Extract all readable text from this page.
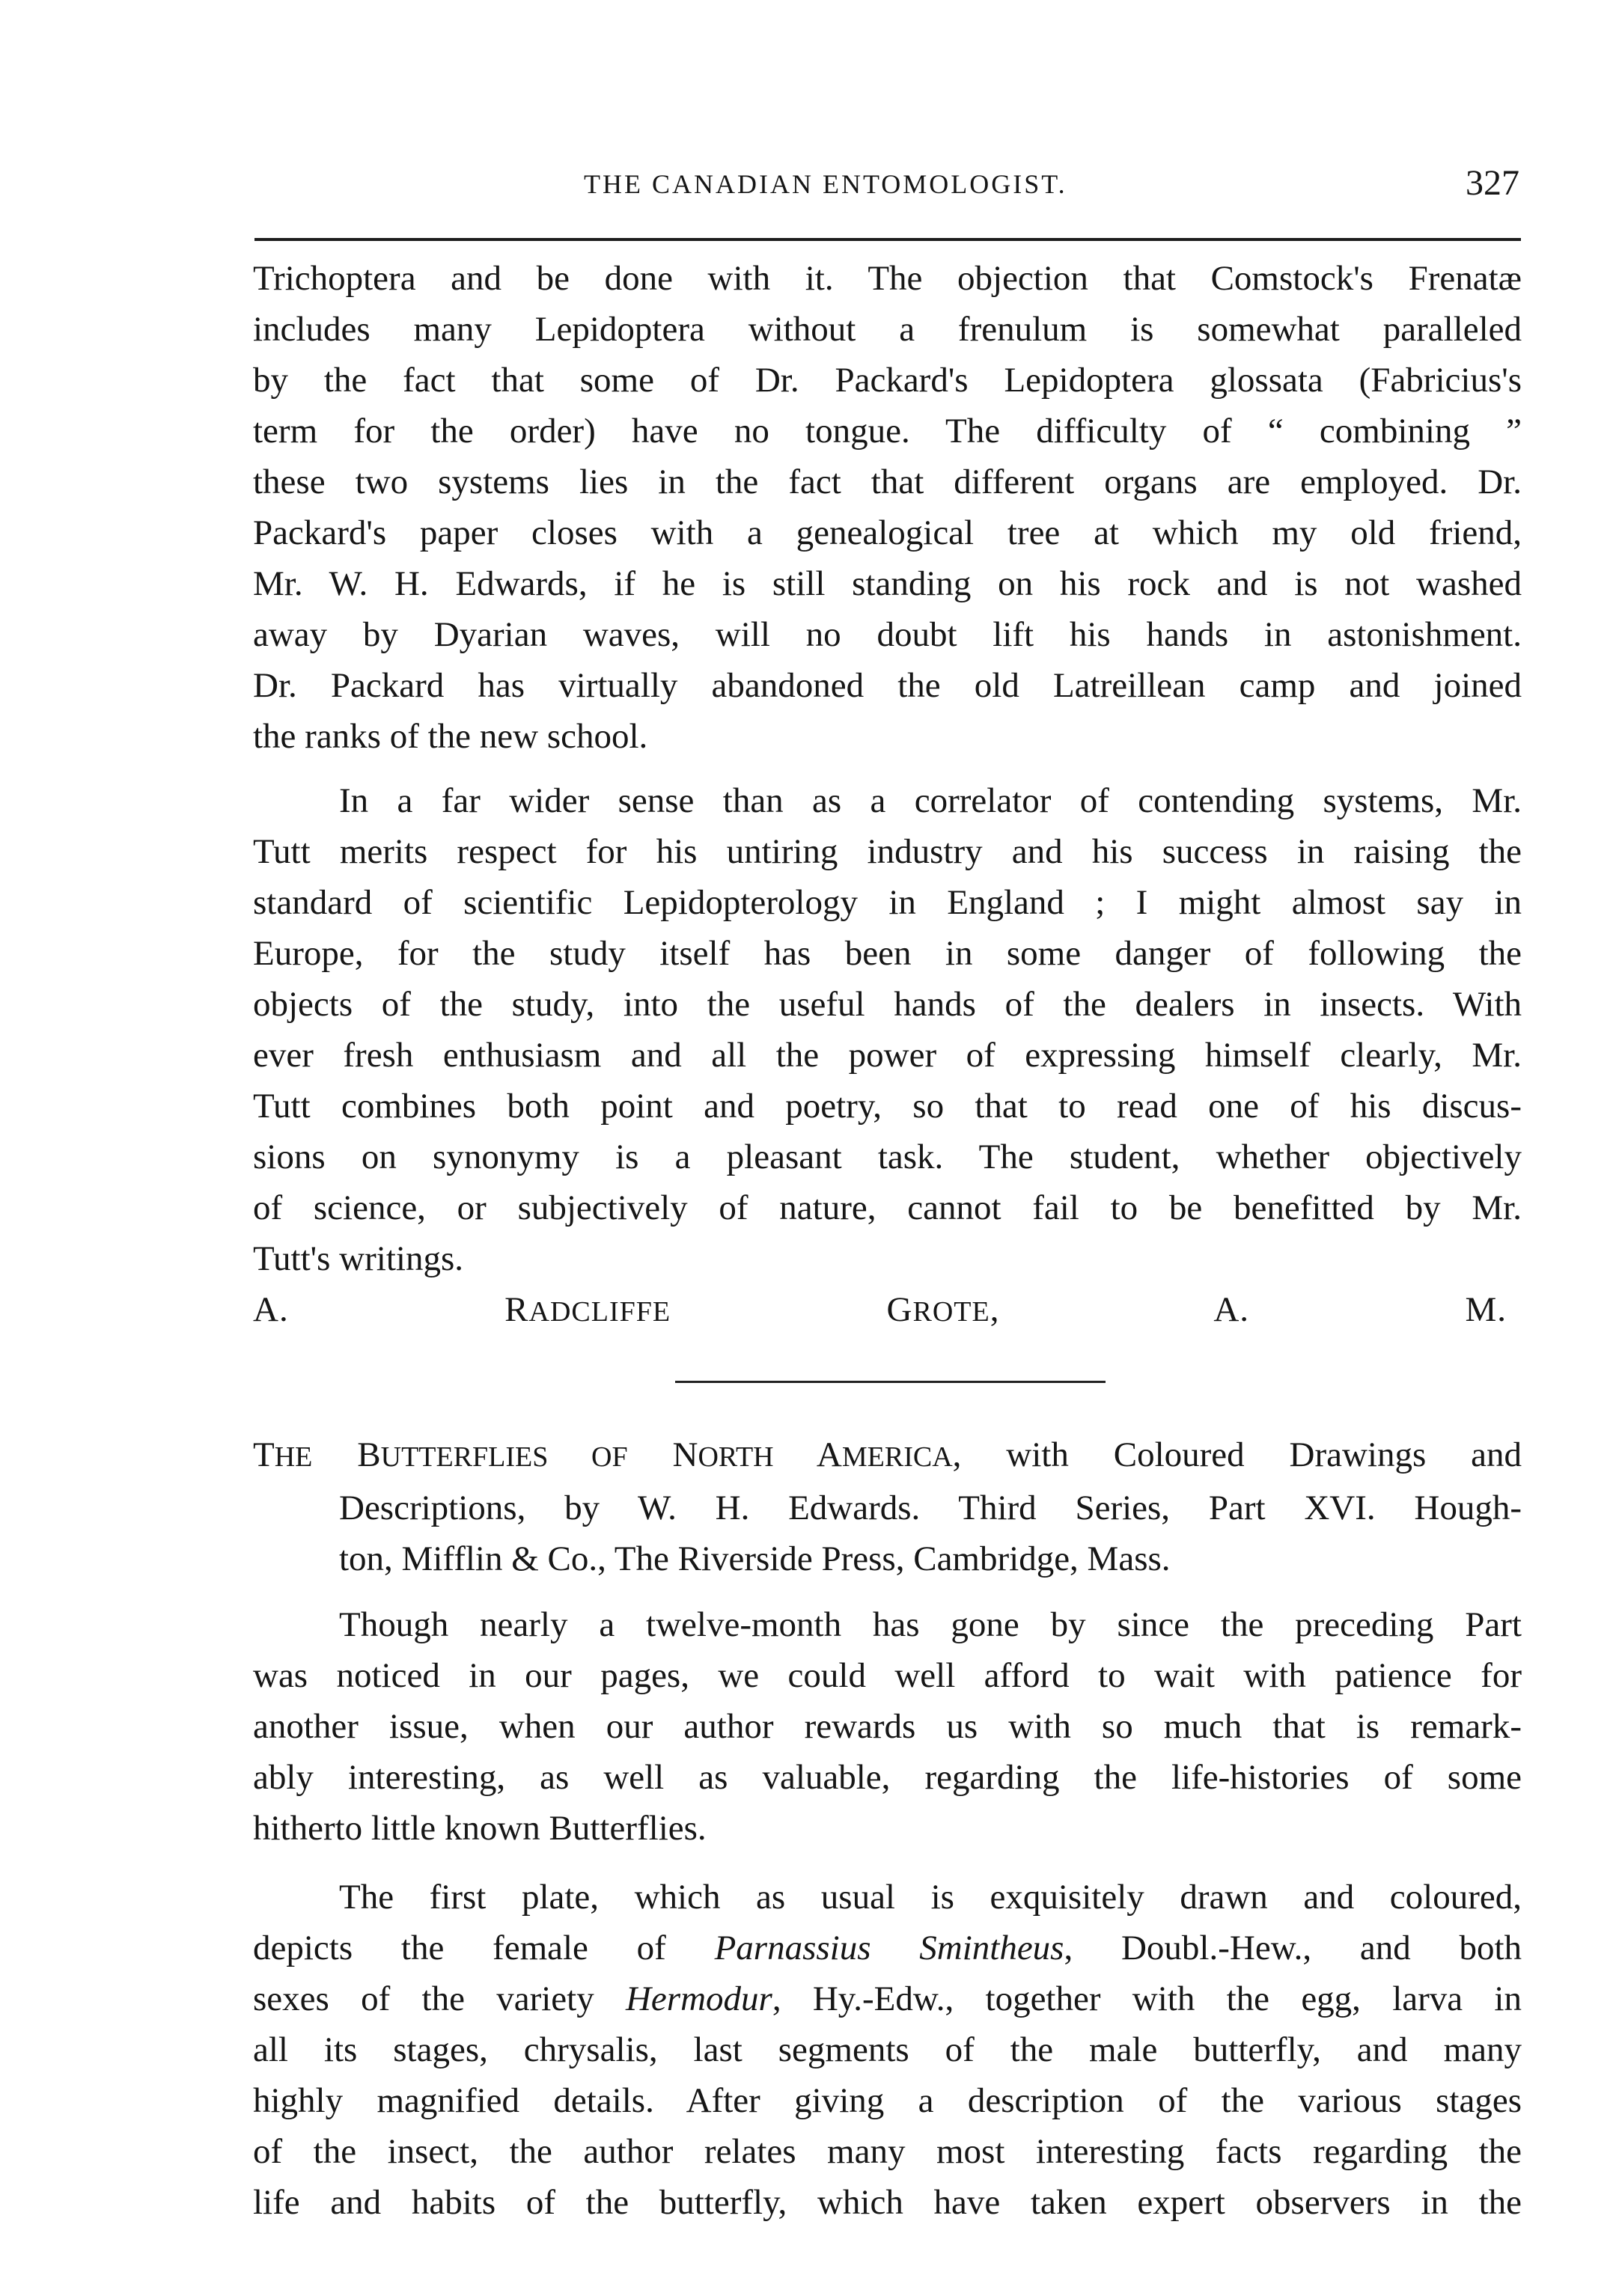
THE CANADIAN ENTOMOLOGIST.	327
Trichoptera and be done with it. The objection that Comstock's Frenatæ
includes many Lepidoptera without a frenulum is somewhat paralleled
by the fact that some of Dr. Packard's Lepidoptera glossata (Fabricius's
term for the order) have no tongue. The difficulty of “ combining ”
these two systems lies in the fact that different organs are employed. Dr.
Packard's paper closes with a genealogical tree at which my old friend,
Mr. W. H. Edwards, if he is still standing on his rock and is not washed
away by Dyarian waves, will no doubt lift his hands in astonishment.
Dr. Packard has virtually abandoned the old Latreillean camp and joined
the ranks of the new school.
In a far wider sense than as a correlator of contending systems, Mr.
Tutt merits respect for his untiring industry and his success in raising the
standard of scientific Lepidopterology in England ; I might almost say in
Europe, for the study itself has been in some danger of following the
objects of the study, into the useful hands of the dealers in insects. With
ever fresh enthusiasm and all the power of expressing himself clearly, Mr.
Tutt combines both point and poetry, so that to read one of his discus-
sions on synonymy is a pleasant task. The student, whether objectively
of science, or subjectively of nature, cannot fail to be benefitted by Mr.
Tutt's writings.

A.	RADCLIFFE	GROTE, A. M.

THE BUTTERFLIES OF NORTH AMERICA, with Coloured Drawings and
Descriptions, by W. H. Edwards. Third Series, Part XVI. Hough-
ton, Mifflin & Co., The Riverside Press, Cambridge, Mass.
Though nearly a twelve-month has gone by since the preceding Part
was noticed in our pages, we could well afford to wait with patience for
another issue, when our author rewards us with so much that is remark-
ably interesting, as well as valuable, regarding the life-histories of some
hitherto little known Butterflies.
The first plate, which as usual is exquisitely drawn and coloured,
depicts the female of Parnassius Smintheus, Doubl.-Hew., and both
sexes of the variety Hermodur, Hy.-Edw., together with the egg, larva in
all its stages, chrysalis, last segments of the male butterfly, and many
highly magnified details. After giving a description of the various stages
of the insect, the author relates many most interesting facts regarding the
life and habits of the butterfly, which have taken expert observers in the
